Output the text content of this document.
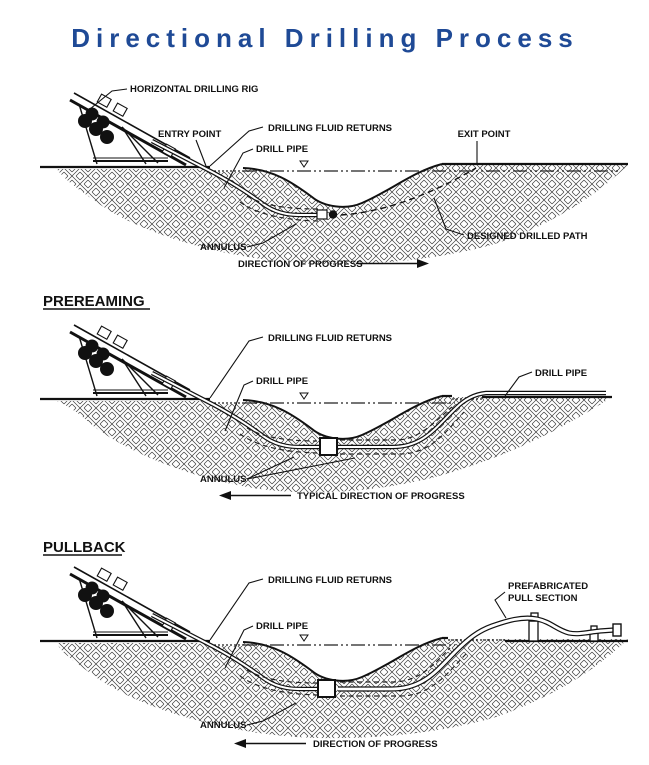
Directional Drilling Process
HORIZONTAL DRILLING RIG
ENTRY POINT
DRILLING FLUID RETURNS
DRILL PIPE
EXIT POINT
DESIGNED DRILLED PATH
ANNULUS
DIRECTION OF PROGRESS
PREREAMING
DRILLING FLUID RETURNS
DRILL PIPE
DRILL PIPE
ANNULUS
TYPICAL DIRECTION OF PROGRESS
PULLBACK
DRILLING FLUID RETURNS
DRILL PIPE
PREFABRICATED
PULL SECTION
ANNULUS
DIRECTION OF PROGRESS
